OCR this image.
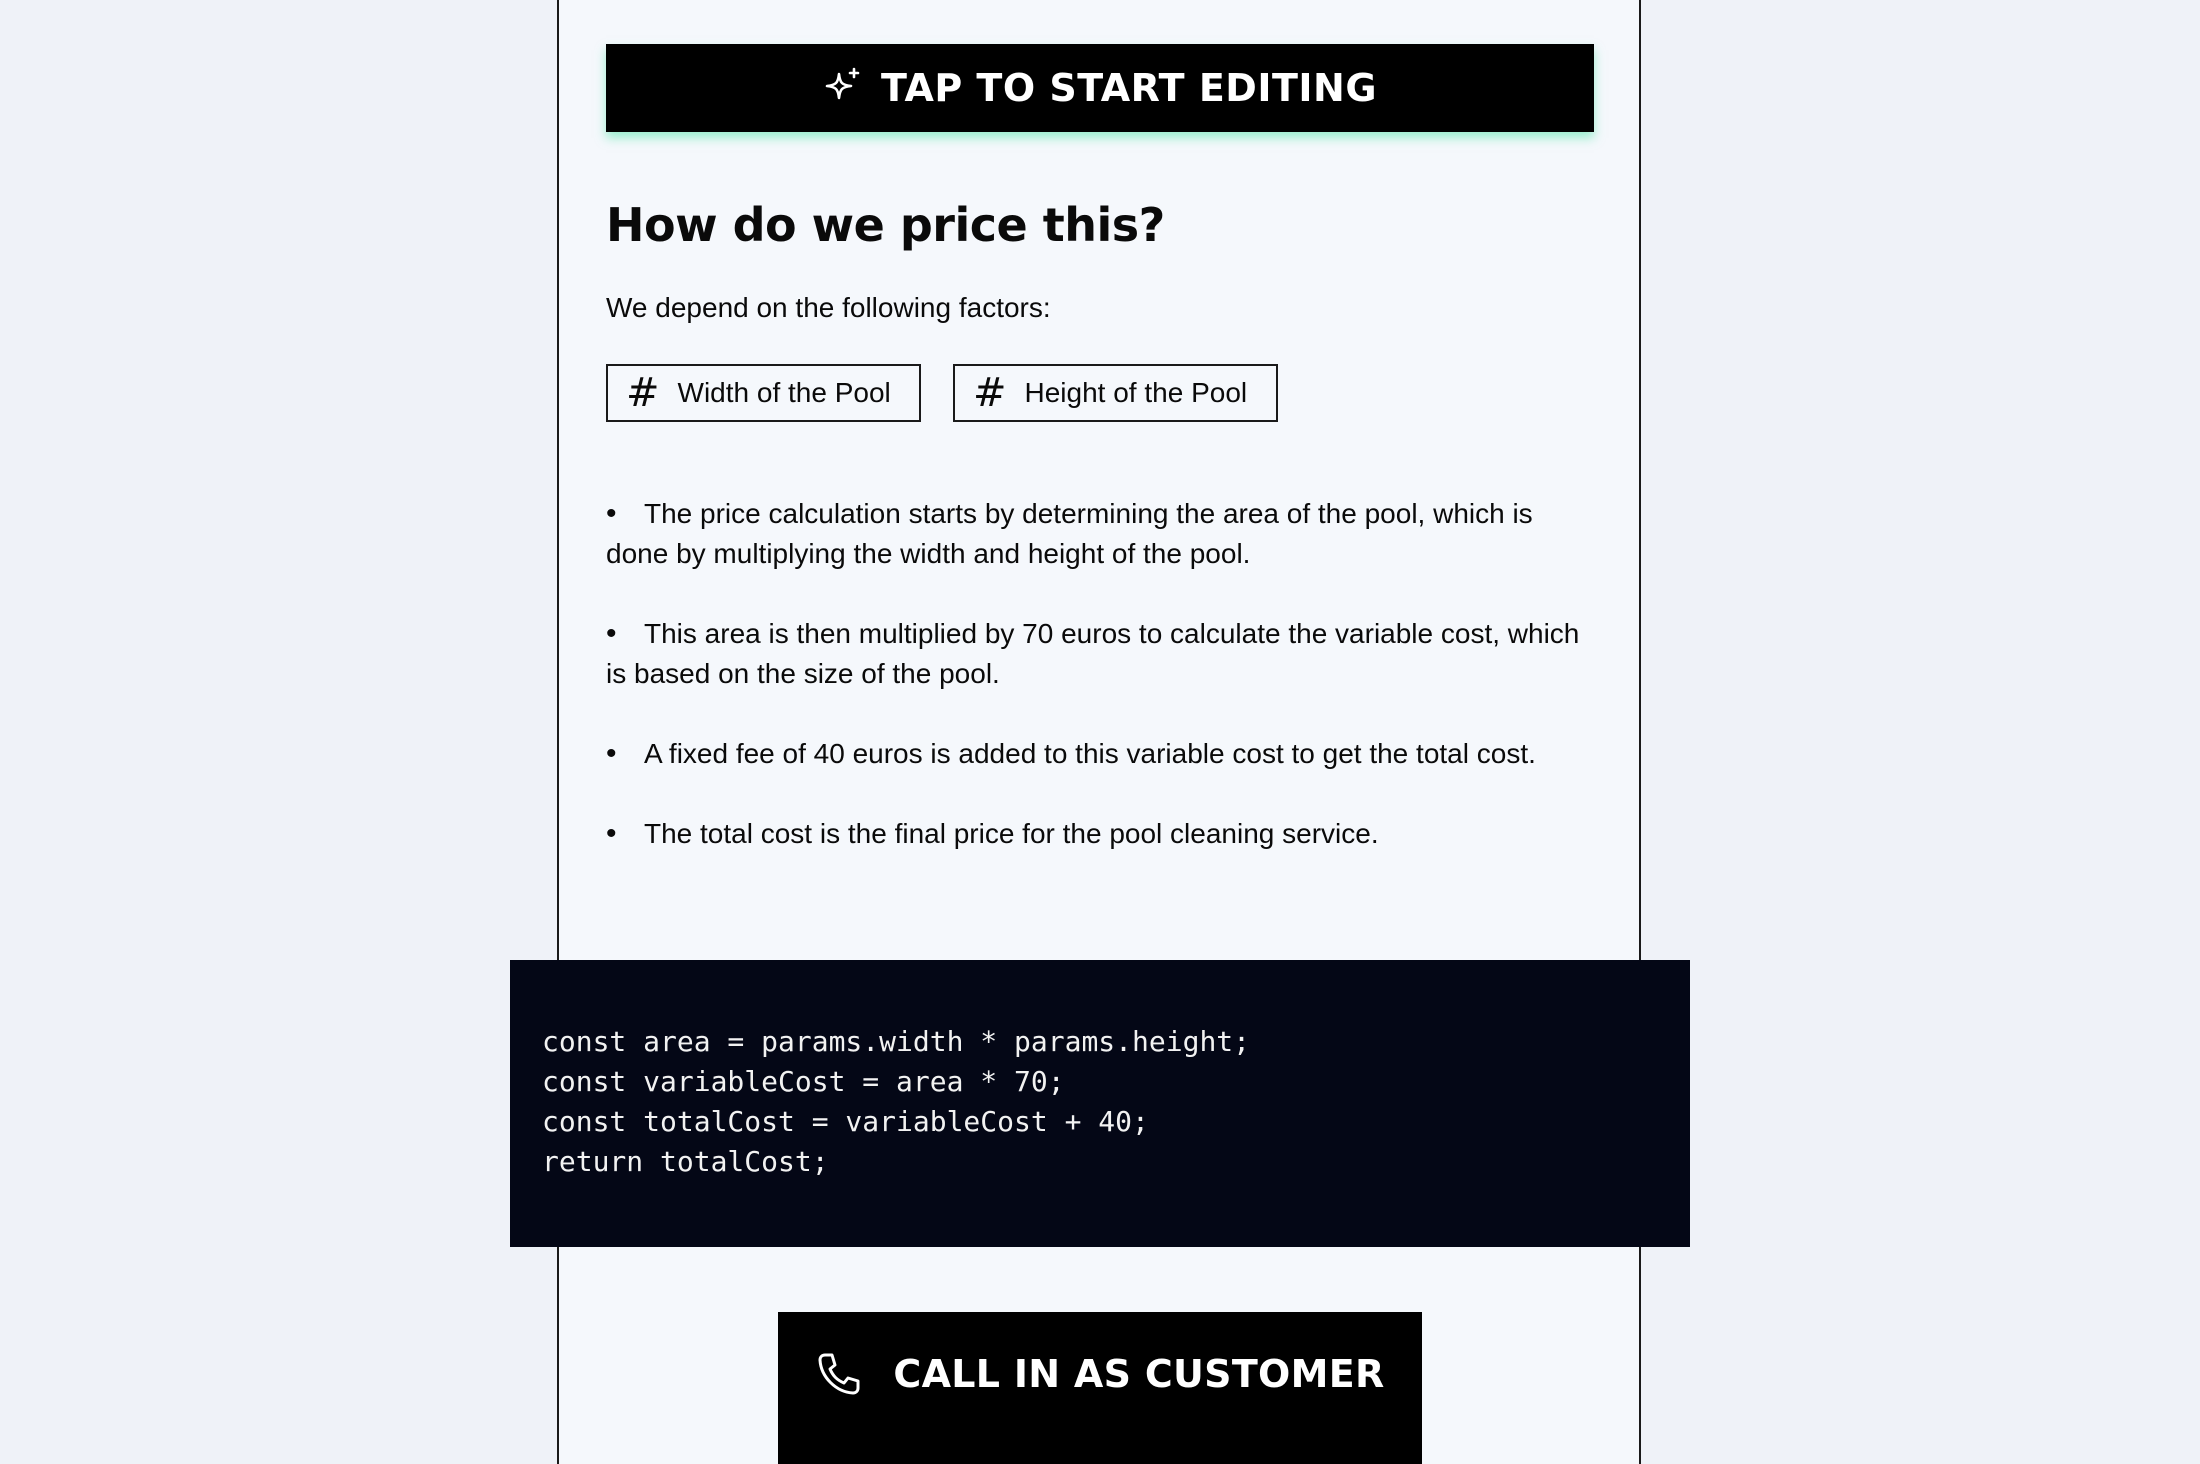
TAP TO START EDITING
How do we price this?
We depend on the following factors:
# Width of the Pool # Height of the Pool
• The price calculation starts by determining the area of the pool, which is done by multiplying the width and height of the pool.
• This area is then multiplied by 70 euros to calculate the variable cost, which is based on the size of the pool.
• A fixed fee of 40 euros is added to this variable cost to get the total cost.
• The total cost is the final price for the pool cleaning service.
const area = params.width * params.height;
const variableCost = area * 70;
const totalCost = variableCost + 40;
return totalCost;
CALL IN AS CUSTOMER
